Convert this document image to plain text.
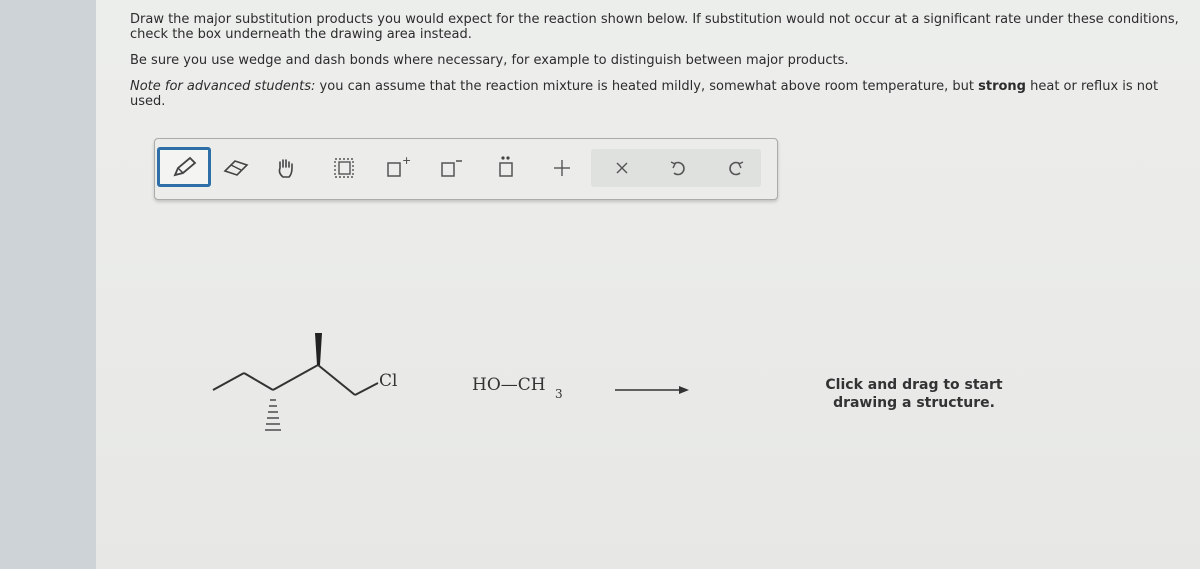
Draw the major substitution products you would expect for the reaction shown below. If substitution would not occur at a significant rate under these conditions, check the box underneath the drawing area instead.

Be sure you use wedge and dash bonds where necessary, for example to distinguish between major products.

Note for advanced students: you can assume that the reaction mixture is heated mildly, somewhat above room temperature, but strong heat or reflux is not used.

+
Click and drag to start drawing a structure.
Cl	HO—CH 3
